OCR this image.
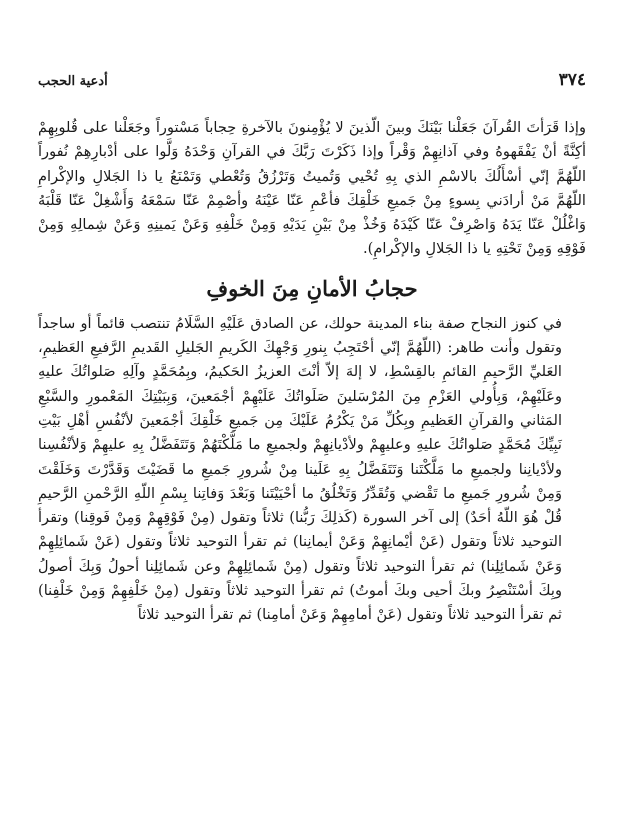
٣٧٤
أدعية الحجب

وإذا قَرَأتَ القُرآنَ جَعَلْنا بَيْنَكَ وبينَ الّذينَ لا يُؤْمِنونَ بالآخرةِ حِجاباً مَسْتوراً وجَعَلْنا على قُلوبِهِمْ أكِنَّةً أنْ يَفْقَهوهُ وفي آذانِهِمْ وَقْراً وإذا ذَكَرْتَ رَبَّكَ في القرآنِ وَحْدَهُ وَلَّوا على أدْبارِهِمْ نُفوراً اللّهُمَّ إنّي أسْأَلُكَ بالاسْمِ الذي بِهِ تُحْيي وَتُميتُ وَتَرْزُقُ وَتُعْطي وَتَمْنَعُ يا ذا الجَلالِ والإكْرامِ اللّهُمَّ مَنْ أرادَني بِسوءٍ مِنْ جَميعِ خَلْقِكَ فأعْمِ عَنّا عَيْنَهُ وأصْمِمْ عَنّا سَمْعَهُ وَأَشْغِلْ عَنّا قَلْبَهُ وَاغْلُلْ عَنّا يَدَهُ وَاصْرِفْ عَنّا كَيْدَهُ وَخُذْ مِنْ بَيْنِ يَدَيْهِ وَمِنْ خَلْفِهِ وَعَنْ يَمينِهِ وَعَنْ شِمالِهِ وَمِنْ فَوْقِهِ وَمِنْ تَحْتِهِ يا ذا الجَلالِ والإكْرامِ).

حجابُ الأمانِ مِنَ الخوفِ

في كنوز النجاح صفة بناء المدينة حولك، عن الصادق عَلَيْهِ السَّلَامُ تنتصب قائماً أو ساجداً وتقول وأنت طاهر: (اللّهُمَّ إنّي أحْتَجِبُ بِنورِ وَجْهِكَ الكَريمِ الجَليلِ القَديمِ الرَّفيعِ العَظيمِ، العَليِّ الرَّحيمِ القائمِ بالقِسْطِ، لا إلهَ إلاّ أنْتَ العزيزُ الحَكيمُ، وبِمُحَمَّدٍ وآلِهِ صَلواتُكَ عليهِ وعَلَيْهِمْ، وَبِأُولي العَزْمِ مِنَ المُرْسَلينَ صَلَواتُكَ عَلَيْهِمْ أجْمَعينَ، وَبِبَيْتِكَ المَعْمورِ والسَّبْعِ المَثاني والقرآنِ العَظيمِ وبِكُلِّ مَنْ يَكْرُمُ عَلَيْكَ مِن جَميعِ خَلْقِكَ أجْمَعينَ لأنْفُسِ أهْلِ بَيْتِ نَبِيِّكَ مُحَمَّدٍ صَلواتُكَ عليهِ وعليهِمْ ولأدْيانِهِمْ ولجميعِ ما مَلَّكْتَهُمْ وَتَتَفَضَّلُ بِهِ عليهِمْ وَلأنْفُسِنا ولأدْيانِنا ولجميعِ ما مَلَّكْتَنا وَتَتَفَضَّلُ بِهِ عَلَينا مِنْ شُرورِ جَميعِ ما قَضَيْتَ وَقَدَّرْتَ وَخَلَقْتَ وَمِنْ شُرورِ جَميعِ ما تَقْضي وَتُقَدِّرُ وَتَخْلُقُ ما أحْيَيْتَنا وَبَعْدَ وَفاتِنا بِسْمِ اللّهِ الرَّحْمنِ الرَّحيمِ قُلْ هُوَ اللّهُ أحَدٌ) إلى آخر السورة (كَذلِكَ رَبُّنا) ثلاثاً وتقول (مِنْ فَوْقِهِمْ وَمِنْ فَوقِنا) وتقرأ التوحيد ثلاثاً وتقول (عَنْ أيْمانِهِمْ وَعَنْ أيمانِنا) ثم تقرأ التوحيد ثلاثاً وتقول (عَنْ شَمائِلِهِمْ وَعَنْ شَمائِلِنا) ثم تقرأ التوحيد ثلاثاً وتقول (مِنْ شَمائِلِهِمْ وعن شَمائِلِنا أحولُ وَبِكَ أصولُ وبِكَ أسْتَنْصِرُ وبكَ أحيى وبكَ أموتُ) ثم تقرأ التوحيد ثلاثاً وتقول (مِنْ خَلْفِهِمْ وَمِنْ خَلْفِنا) ثم تقرأ التوحيد ثلاثاً وتقول (عَنْ أمامِهِمْ وَعَنْ أمامِنا) ثم تقرأ التوحيد ثلاثاً
